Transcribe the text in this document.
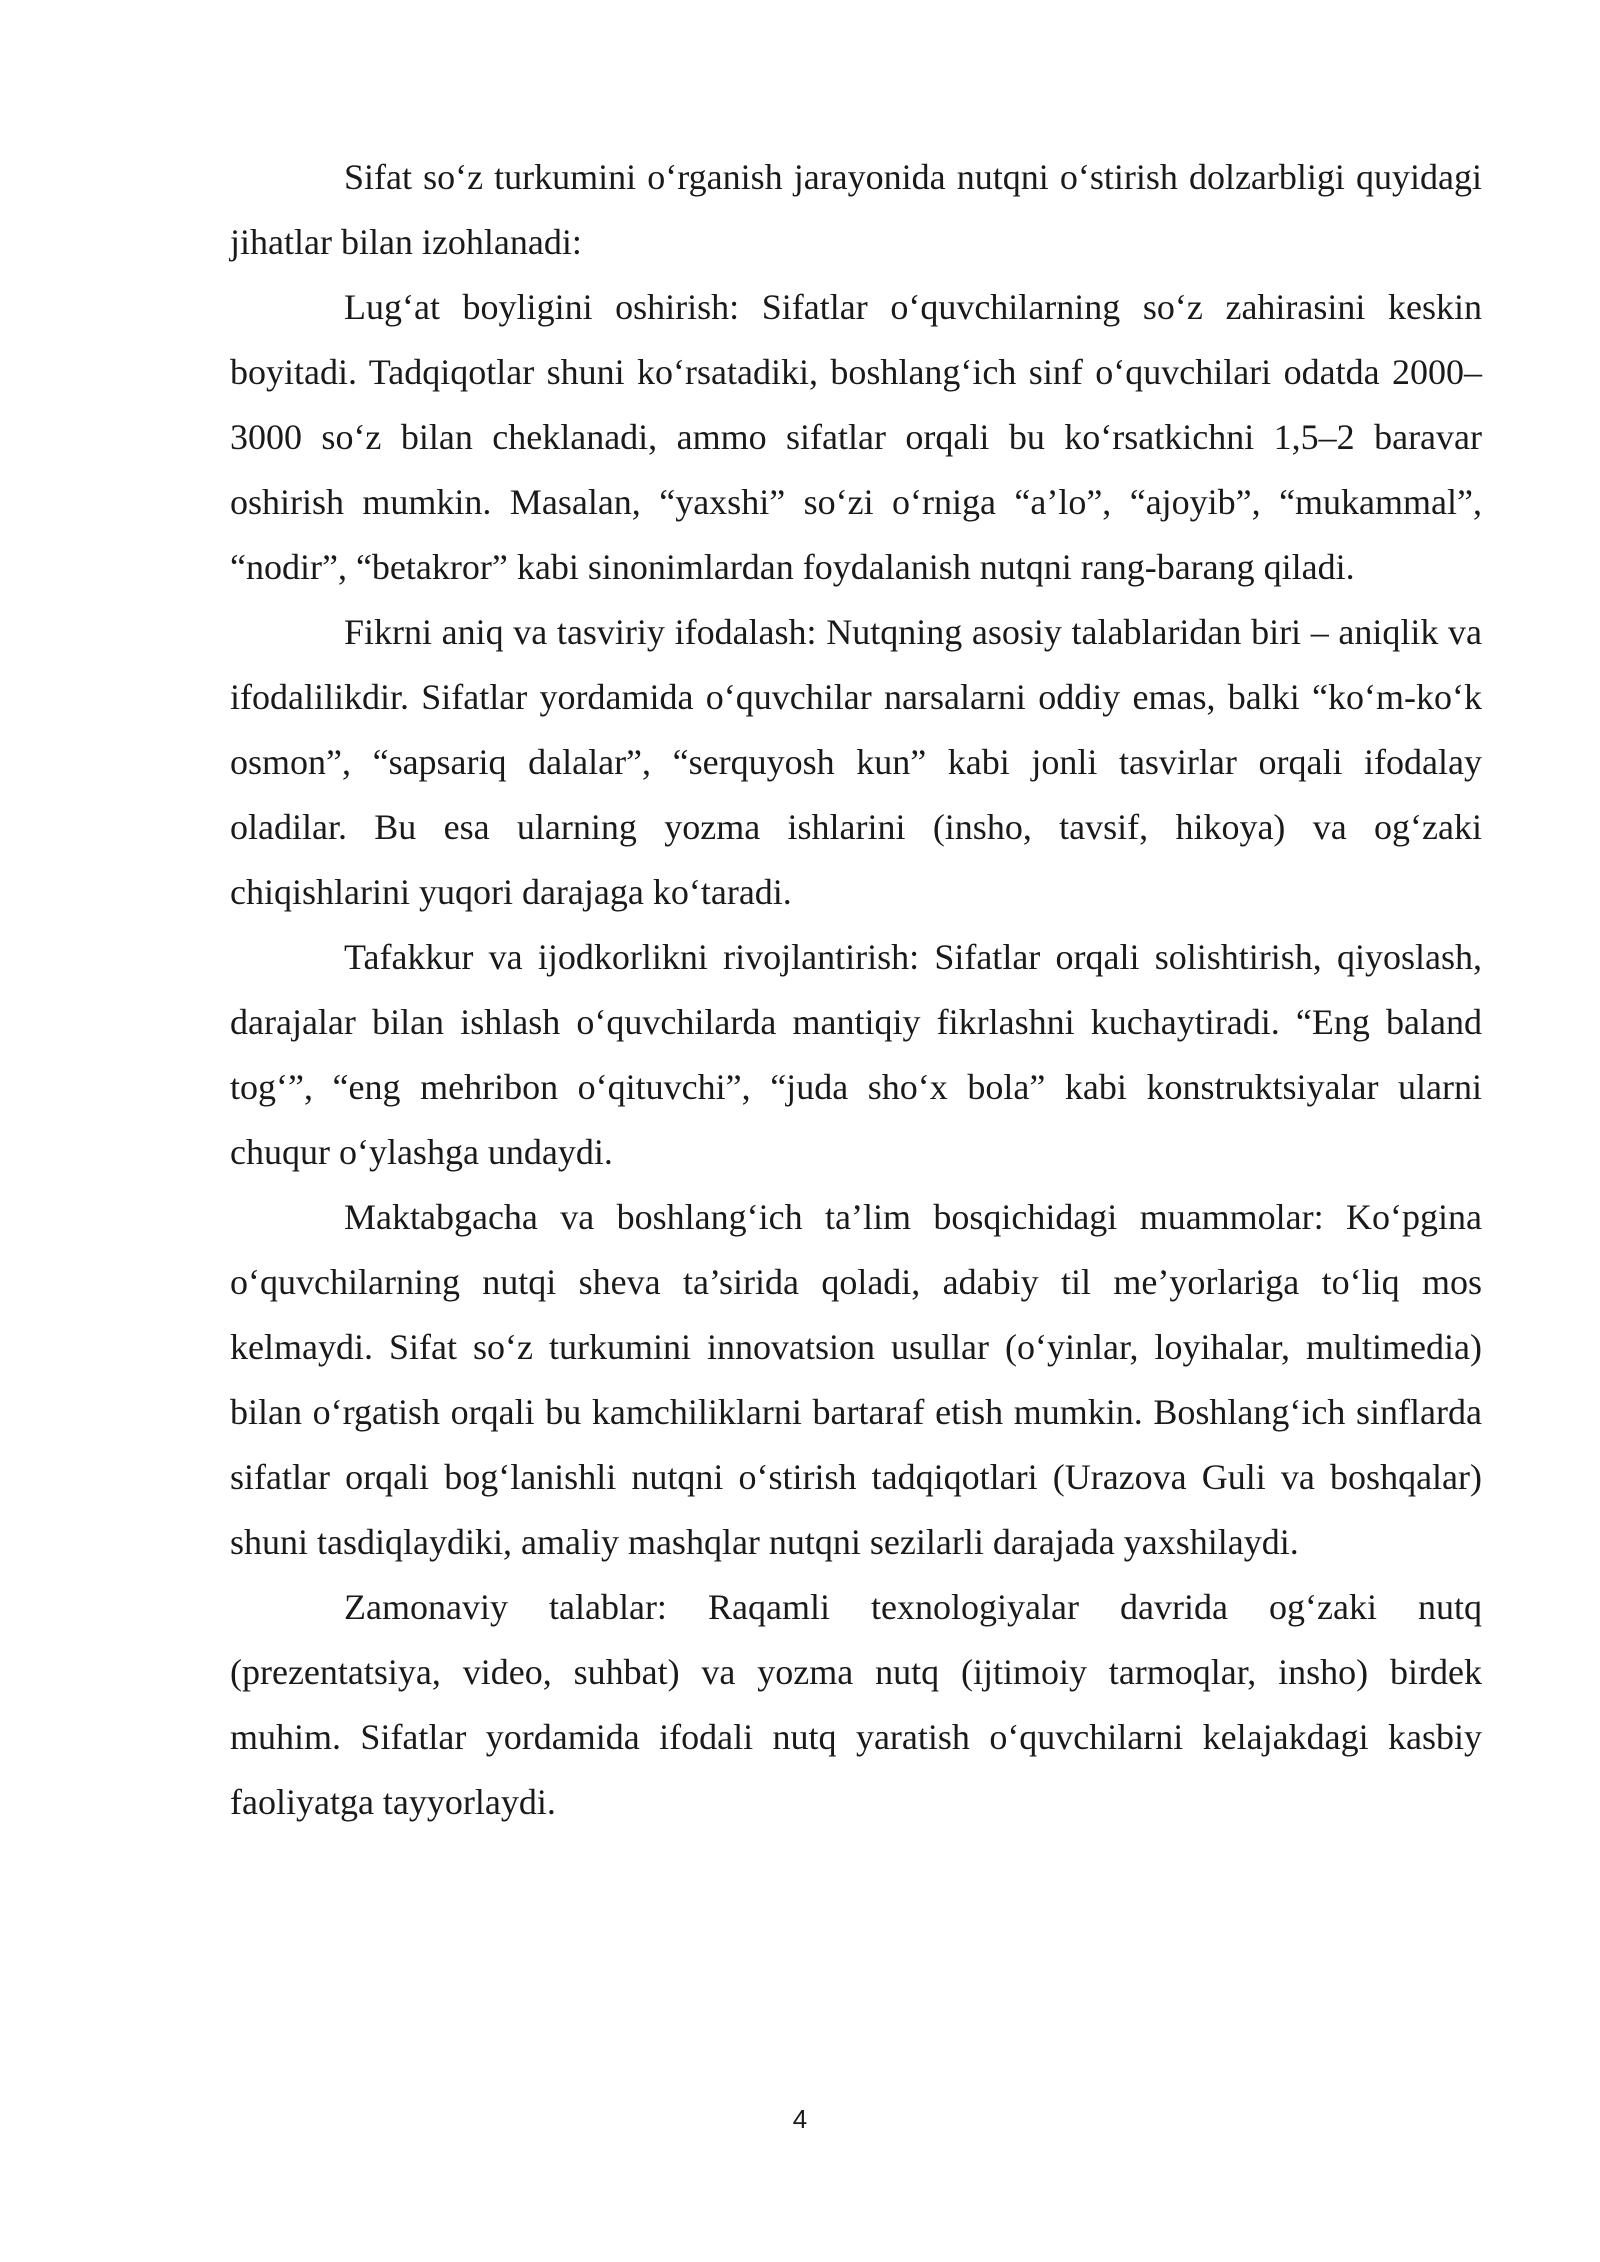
Sifat so‘z turkumini o‘rganish jarayonida nutqni o‘stirish dolzarbligi quyidagi jihatlar bilan izohlanadi:

Lug‘at boyligini oshirish: Sifatlar o‘quvchilarning so‘z zahirasini keskin boyitadi. Tadqiqotlar shuni ko‘rsatadiki, boshlang‘ich sinf o‘quvchilari odatda 2000–3000 so‘z bilan cheklanadi, ammo sifatlar orqali bu ko‘rsatkichni 1,5–2 baravar oshirish mumkin. Masalan, “yaxshi” so‘zi o‘rniga “a’lo”, “ajoyib”, “mukammal”, “nodir”, “betakror” kabi sinonimlardan foydalanish nutqni rang-barang qiladi.

Fikrni aniq va tasviriy ifodalash: Nutqning asosiy talablaridan biri – aniqlik va ifodalilikdir. Sifatlar yordamida o‘quvchilar narsalarni oddiy emas, balki “ko‘m-ko‘k osmon”, “sapsariq dalalar”, “serquyosh kun” kabi jonli tasvirlar orqali ifodalay oladilar. Bu esa ularning yozma ishlarini (insho, tavsif, hikoya) va og‘zaki chiqishlarini yuqori darajaga ko‘taradi.

Tafakkur va ijodkorlikni rivojlantirish: Sifatlar orqali solishtirish, qiyoslash, darajalar bilan ishlash o‘quvchilarda mantiqiy fikrlashni kuchaytiradi. “Eng baland tog‘”, “eng mehribon o‘qituvchi”, “juda sho‘x bola” kabi konstruktsiyalar ularni chuqur o‘ylashga undaydi.

Maktabgacha va boshlang‘ich ta’lim bosqichidagi muammolar: Ko‘pgina o‘quvchilarning nutqi sheva ta’sirida qoladi, adabiy til me’yorlariga to‘liq mos kelmaydi. Sifat so‘z turkumini innovatsion usullar (o‘yinlar, loyihalar, multimedia) bilan o‘rgatish orqali bu kamchiliklarni bartaraf etish mumkin. Boshlang‘ich sinflarda sifatlar orqali bog‘lanishli nutqni o‘stirish tadqiqotlari (Urazova Guli va boshqalar) shuni tasdiqlaydiki, amaliy mashqlar nutqni sezilarli darajada yaxshilaydi.

Zamonaviy talablar: Raqamli texnologiyalar davrida og‘zaki nutq (prezentatsiya, video, suhbat) va yozma nutq (ijtimoiy tarmoqlar, insho) birdek muhim. Sifatlar yordamida ifodali nutq yaratish o‘quvchilarni kelajakdagi kasbiy faoliyatga tayyorlaydi.

4
